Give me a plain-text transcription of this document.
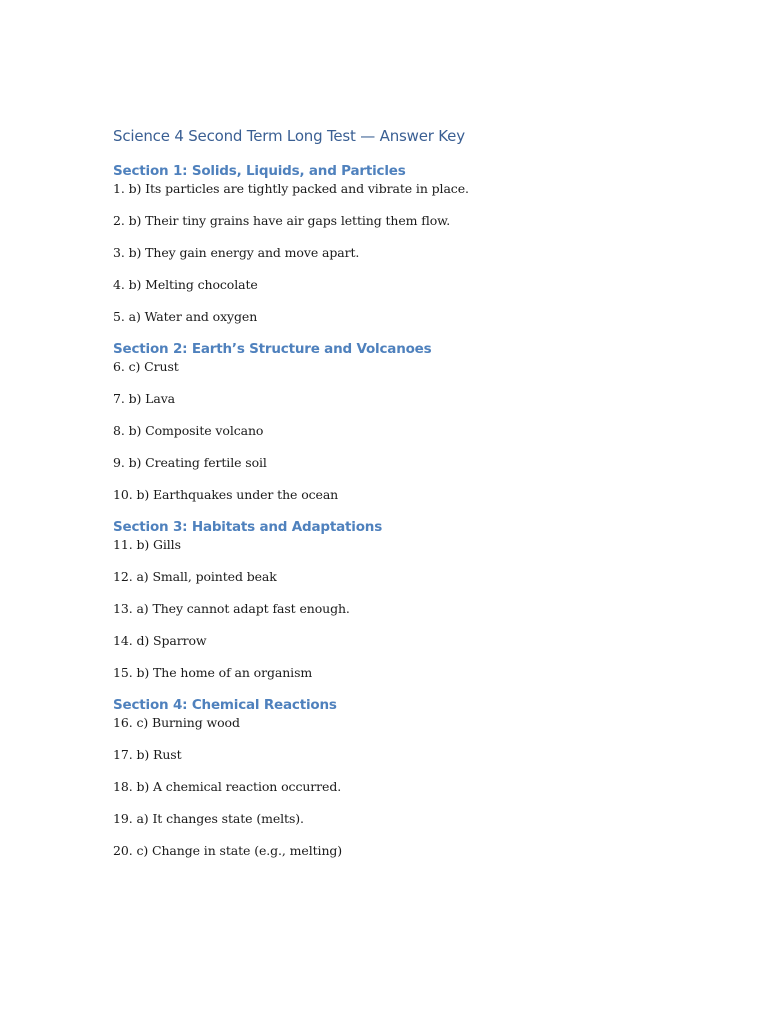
Science 4 Second Term Long Test — Answer Key
Section 1: Solids, Liquids, and Particles
1. b) Its particles are tightly packed and vibrate in place.
2. b) Their tiny grains have air gaps letting them flow.
3. b) They gain energy and move apart.
4. b) Melting chocolate
5. a) Water and oxygen
Section 2: Earth’s Structure and Volcanoes
6. c) Crust
7. b) Lava
8. b) Composite volcano
9. b) Creating fertile soil
10. b) Earthquakes under the ocean
Section 3: Habitats and Adaptations
11. b) Gills
12. a) Small, pointed beak
13. a) They cannot adapt fast enough.
14. d) Sparrow
15. b) The home of an organism
Section 4: Chemical Reactions
16. c) Burning wood
17. b) Rust
18. b) A chemical reaction occurred.
19. a) It changes state (melts).
20. c) Change in state (e.g., melting)
